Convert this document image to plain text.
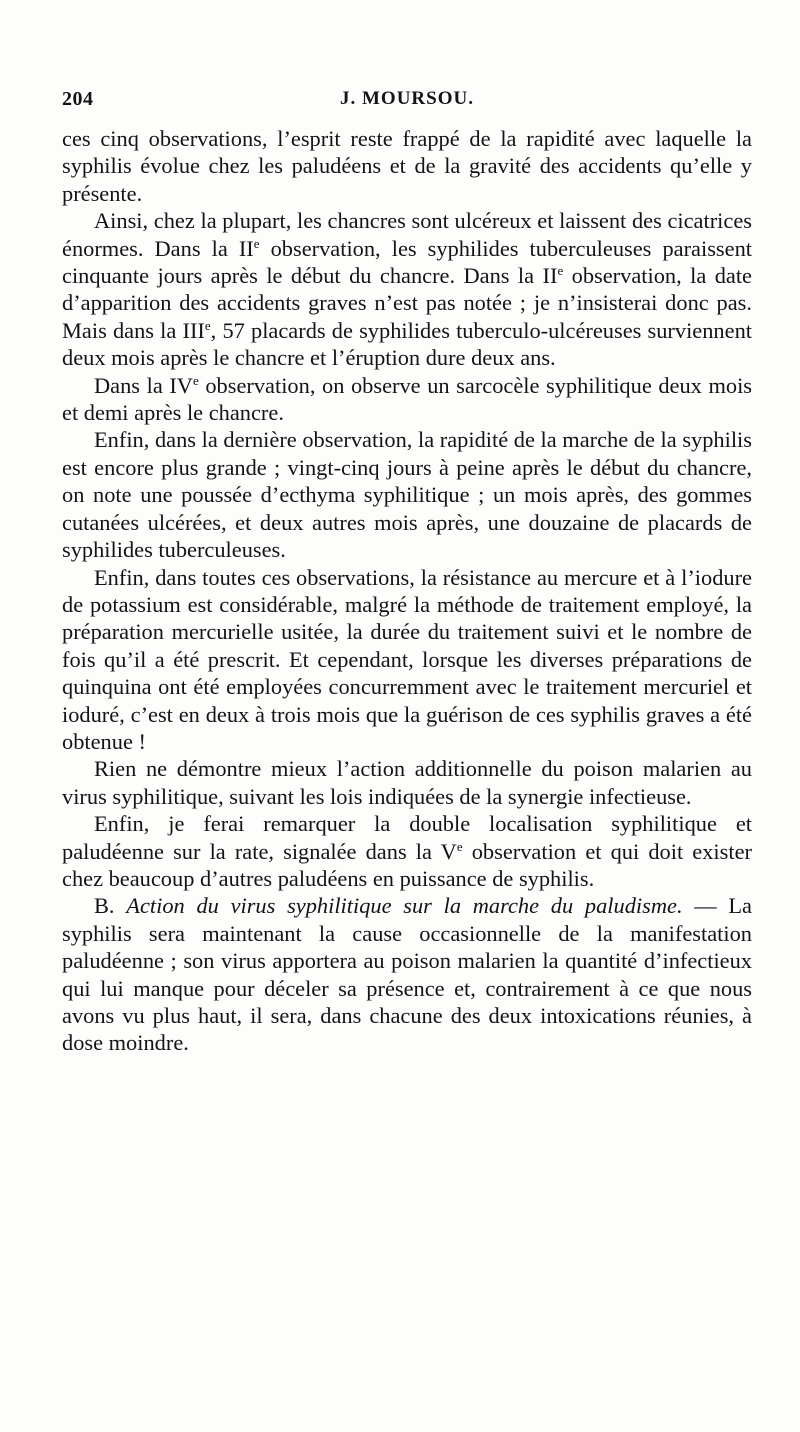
204	J. MOURSOU.

ces cinq observations, l’esprit reste frappé de la rapidité avec laquelle la syphilis évolue chez les paludéens et de la gravité des accidents qu’elle y présente.

Ainsi, chez la plupart, les chancres sont ulcéreux et laissent des cicatrices énormes. Dans la IIe observation, les syphilides tuberculeuses paraissent cinquante jours après le début du chancre. Dans la IIe observation, la date d’apparition des accidents graves n’est pas notée ; je n’insisterai donc pas. Mais dans la IIIe, 57 placards de syphilides tuberculo-ulcéreuses surviennent deux mois après le chancre et l’éruption dure deux ans.

Dans la IVe observation, on observe un sarcocèle syphilitique deux mois et demi après le chancre.

Enfin, dans la dernière observation, la rapidité de la marche de la syphilis est encore plus grande ; vingt-cinq jours à peine après le début du chancre, on note une poussée d’ecthyma syphilitique ; un mois après, des gommes cutanées ulcérées, et deux autres mois après, une douzaine de placards de syphilides tuberculeuses.

Enfin, dans toutes ces observations, la résistance au mercure et à l’iodure de potassium est considérable, malgré la méthode de traitement employé, la préparation mercurielle usitée, la durée du traitement suivi et le nombre de fois qu’il a été prescrit. Et cependant, lorsque les diverses préparations de quinquina ont été employées concurremment avec le traitement mercuriel et ioduré, c’est en deux à trois mois que la guérison de ces syphilis graves a été obtenue !

Rien ne démontre mieux l’action additionnelle du poison malarien au virus syphilitique, suivant les lois indiquées de la synergie infectieuse.

Enfin, je ferai remarquer la double localisation syphilitique et paludéenne sur la rate, signalée dans la Ve observation et qui doit exister chez beaucoup d’autres paludéens en puissance de syphilis.

B. Action du virus syphilitique sur la marche du paludisme. — La syphilis sera maintenant la cause occasionnelle de la manifestation paludéenne ; son virus apportera au poison malarien la quantité d’infectieux qui lui manque pour déceler sa présence et, contrairement à ce que nous avons vu plus haut, il sera, dans chacune des deux intoxications réunies, à dose moindre.
